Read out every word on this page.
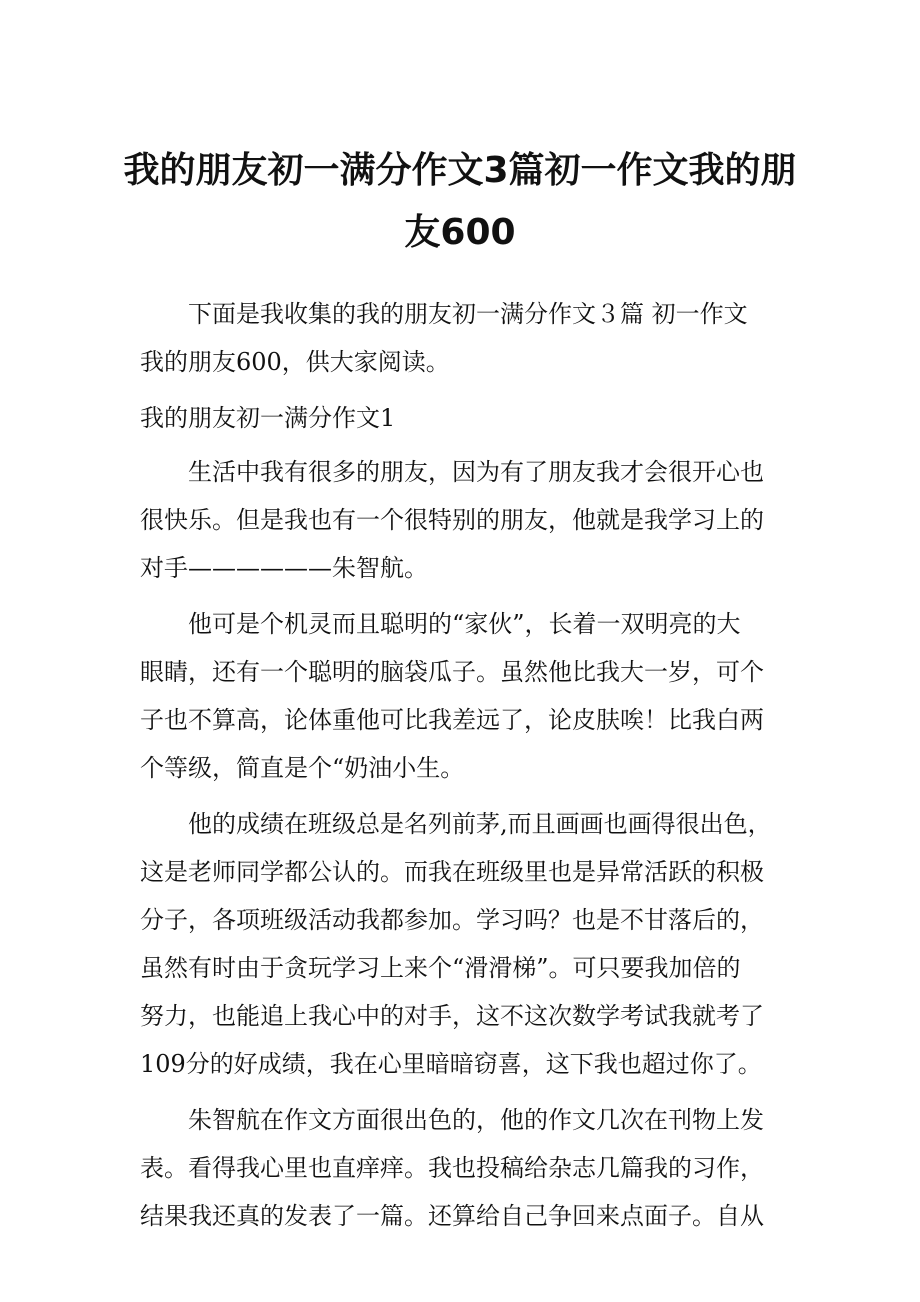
我的朋友初一满分作文3篇初一作文我的朋
友600

下面是我收集的我的朋友初一满分作文３篇 初一作文
我的朋友600，供大家阅读。

我的朋友初一满分作文1

生活中我有很多的朋友，因为有了朋友我才会很开心也
很快乐。但是我也有一个很特别的朋友，他就是我学习上的
对手——————朱智航。

他可是个机灵而且聪明的“家伙”，长着一双明亮的大
眼睛，还有一个聪明的脑袋瓜子。虽然他比我大一岁，可个
子也不算高，论体重他可比我差远了，论皮肤唉！比我白两
个等级，简直是个“奶油小生。

他的成绩在班级总是名列前茅,而且画画也画得很出色，
这是老师同学都公认的。而我在班级里也是异常活跃的积极
分子，各项班级活动我都参加。学习吗？也是不甘落后的，
虽然有时由于贪玩学习上来个“滑滑梯”。可只要我加倍的
努力，也能追上我心中的对手，这不这次数学考试我就考了
109分的好成绩，我在心里暗暗窃喜，这下我也超过你了。

朱智航在作文方面很出色的，他的作文几次在刊物上发
表。看得我心里也直痒痒。我也投稿给杂志几篇我的习作，
结果我还真的发表了一篇。还算给自己争回来点面子。自从
